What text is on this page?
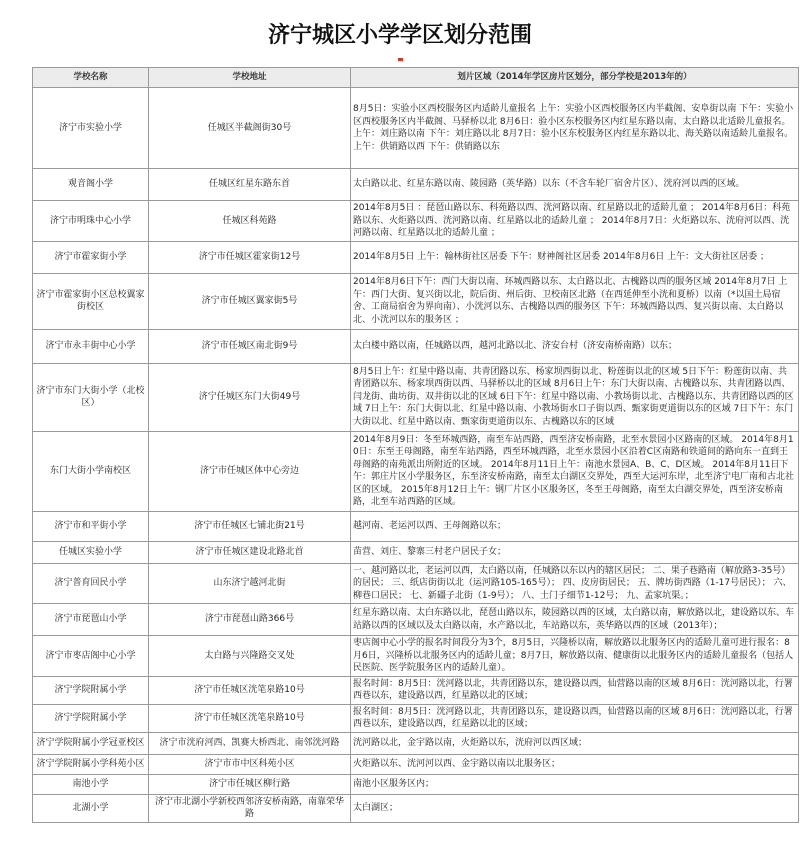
济宁城区小学学区划分范围
学校名称	学校地址	划片区域（2014年学区房片区划分，部分学校是2013年的）
济宁市实验小学	任城区半截阁街30号	8月5日：实验小区西校服务区内适龄儿童报名 上午：实验小区西校服务区内半截阁、安阜街以南 下午：实验小区西校服务区内半截阁、马驿桥以北 8月6日：验小区东校服务区内红星东路以南、太白路以北适龄儿童报名。 上午：刘庄路以南 下午：刘庄路以北 8月7日：验小区东校服务区内红星东路以北、海关路以南适龄儿童报名。 上午：供销路以西 下午：供销路以东
观音阁小学	任城区红星东路东首	太白路以北、红星东路以南、陵园路（英华路）以东（不含车轮厂宿舍片区）、洸府河以西的区域。
济宁市明珠中心小学	任城区科苑路	2014年8月5日 ：琵琶山路以东、科苑路以西、洸河路以南、红星路以北的适龄儿童 ； 2014年8月6日：科苑路以东、火炬路以西、洸河路以南、红星路以北的适龄儿童 ； 2014年8月7日：火炬路以东、洸府河以西、洸河路以南、红星路以北的适龄儿童 ；
济宁市霍家街小学	济宁市任城区霍家街12号	2014年8月5日 上午：翰林街社区居委 下午：财神阁社区居委 2014年8月6日 上午：文大街社区居委 ；
济宁市霍家街小区总校翼家街校区	济宁市任城区翼家街5号	2014年8月6日下午：西门大街以南、环城西路以东、太白路以北、古槐路以西的服务区域 2014年8月7日 上午：西门大街、复兴街以北，院后街、州后街、卫校南区北路（在西延伸至小洸和夏桥）以南（*以国土局宿舍、工商局宿舍为界向南）、小洸河以东、古槐路以西的服务区 下午：环城西路以西、复兴街以南、太白路以北、小洸河以东的服务区 ；
济宁市永丰街中心小学	济宁市任城区南北街9号	太白楼中路以南，任城路以西，越河北路以北、济安台村（济安南桥南路）以东；
济宁市东门大街小学（北校区）	济宁任城区东门大街49号	8月5日上午：红星中路以南、共青团路以东、杨家坝西街以北、粉莲街以北的区域 5日下午：粉莲街以南、共青团路以东、杨家坝西街以西、马驿桥以北的区域 8月6日上午：东门大街以南、古槐路以东、共青团路以西、闫龙街、曲坊街、双井街以北的区域 6日下午：红星中路以南、小教场街以北、古槐路以东、共青团路以西的区域 7日上午：东门大街以北、红星中路以南、小教场街水口子街以西、甄家街更道街以东的区域 7日下午：东门大街以北、红星中路以南、甄家街更道街以东、古槐路以东的区域
东门大街小学南校区	济宁市任城区体中心旁边	2014年8月9日：冬至环城西路，南至车站西路，西至济安桥南路，北至水景园小区路南的区域。 2014年8月10日：东至王母阁路，南至车站西路，西至环城西路，北至水景园小区沿着C区南路和铁道间的路向东一直到王母阁路的南苑派出所附近的区域。 2014年8月11日上午：南池水景园A、B、C、D区域。 2014年8月11日下午：郭庄片区小学服务区，东至济安桥南路，南至太白湖区交界处，西至大运河东岸，北至济宁电厂南和古北社区的区域。 2015年8月12日上午：钢厂片区小区服务区，冬至王母阁路，南至太白湖交界处，西至济安桥南路，北至车站西路的区域。
济宁市和平街小学	济宁市任城区七铺北街21号	越河南、老运河以西、王母阁路以东；
任城区实验小学	济宁市任城区建设北路北首	苗营、刘庄、黎寨三村老户居民子女；
济宁普育回民小学	山东济宁越河北街	一、越河路以北，老运河以西，太白路以南，任城路以东以内的辖区居民； 二、果子巷路南（解放路3-35号）的居民； 三、纸店街街以北（运河路105-165号）； 四、皮房街居民； 五、牌坊街西路（1-17号居民）； 六、柳巷口居民； 七、新礓子北街（1-9号）； 八、土门子细节1-12号； 九、孟家坑渠。；
济宁市琵琶山小学	济宁市琵琶山路366号	红星东路以南、太白东路以北，琵琶山路以东，陵园路以西的区域，太白路以南，解放路以北，建设路以东、车站路以西的区域以及太白路以南，水产路以北，车站路以东，英华路以西的区域（2013年）；
济宁市枣店阁中心小学	太白路与兴隆路交叉处	枣店阁中心小学的报名时间段分为3个，8月5日，兴隆桥以南，解放路以北服务区内的适龄儿童可进行报名：8月6日，兴隆桥以北服务区内的适龄儿童；8月7日，解放路以南、健康街以北服务区内的适龄儿童报名（包括人民医院、医学院服务区内的适龄儿童）。
济宁学院附属小学	济宁市任城区洸笔泉路10号	报名时间：8月5日：洸河路以北，共青团路以东，建设路以西，仙营路以南的区域 8月6日：洸河路以北，行署西巷以东，建设路以西，红星路以北的区域；
济宁学院附属小学	济宁市任城区洸笔泉路10号	报名时间：8月5日：洸河路以北，共青团路以东，建设路以西，仙营路以南的区域 8月6日：洸河路以北，行署西巷以东，建设路以西，红星路以北的区域；
济宁学院附属小学冠亚校区	济宁市洸府河西、凯赛大桥西北、南邻洸河路	洸河路以北，金宇路以南，火炬路以东，洸府河以西区域；
济宁学院附属小学科苑小区	济宁市市中区科苑小区	火炬路以东、洸河河以西、金宇路以南以北服务区；
南池小学	济宁市任城区柳行路	南池小区服务区内；
北湖小学	济宁市北湖小学新校西邻济安桥南路，南靠荣华路	太白湖区；
